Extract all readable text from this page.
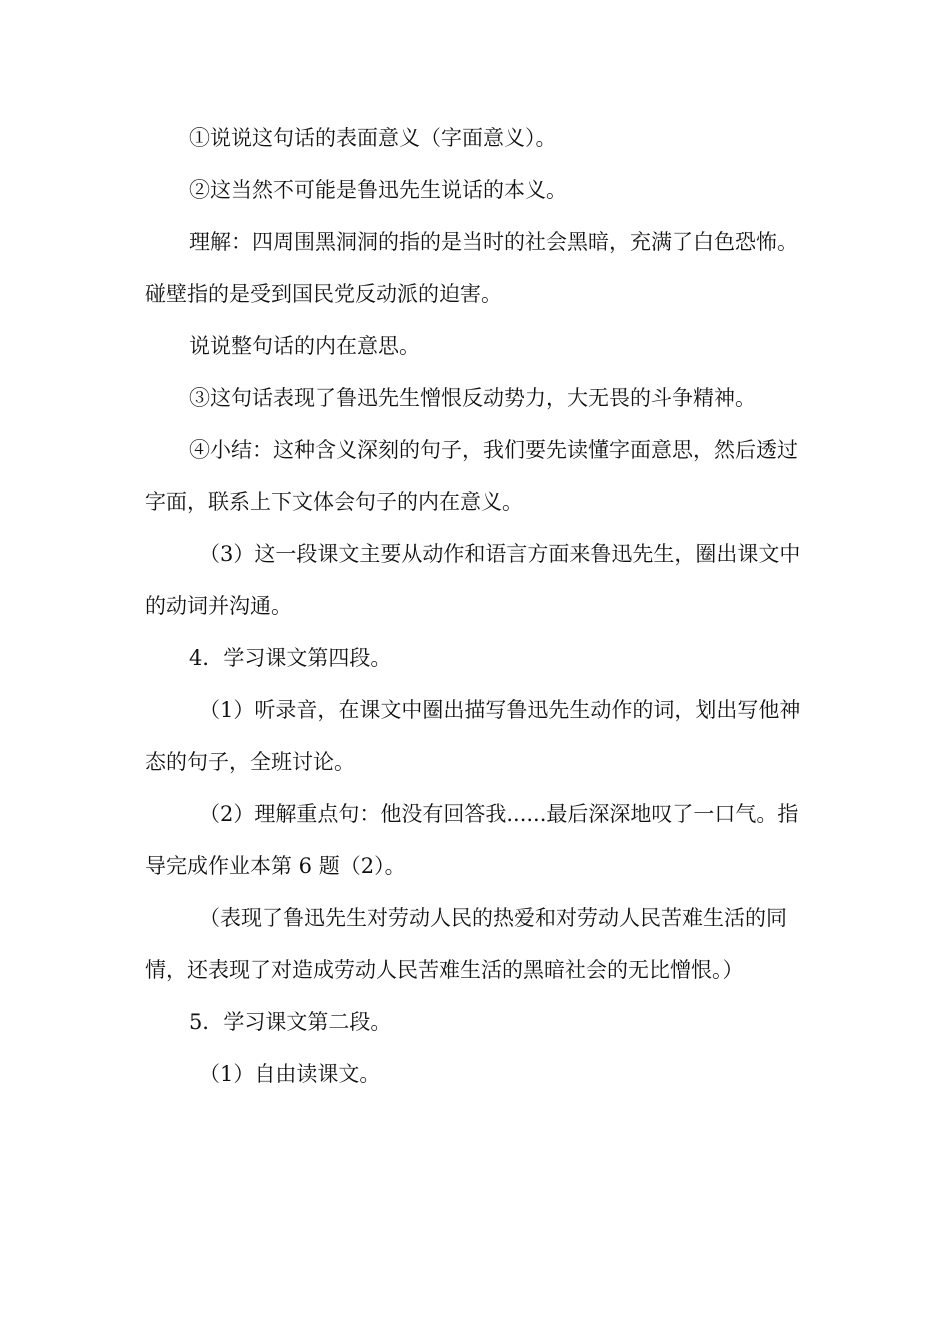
①说说这句话的表面意义（字面意义）。

②这当然不可能是鲁迅先生说话的本义。

理解：四周围黑洞洞的指的是当时的社会黑暗，充满了白色恐怖。碰壁指的是受到国民党反动派的迫害。

说说整句话的内在意思。

③这句话表现了鲁迅先生憎恨反动势力，大无畏的斗争精神。

④小结：这种含义深刻的句子，我们要先读懂字面意思，然后透过字面，联系上下文体会句子的内在意义。

（3）这一段课文主要从动作和语言方面来鲁迅先生，圈出课文中的动词并沟通。

4．学习课文第四段。

（1）听录音，在课文中圈出描写鲁迅先生动作的词，划出写他神态的句子，全班讨论。

（2）理解重点句：他没有回答我......最后深深地叹了一口气。指导完成作业本第 6 题（2）。

（表现了鲁迅先生对劳动人民的热爱和对劳动人民苦难生活的同情，还表现了对造成劳动人民苦难生活的黑暗社会的无比憎恨。）

5．学习课文第二段。

（1）自由读课文。
